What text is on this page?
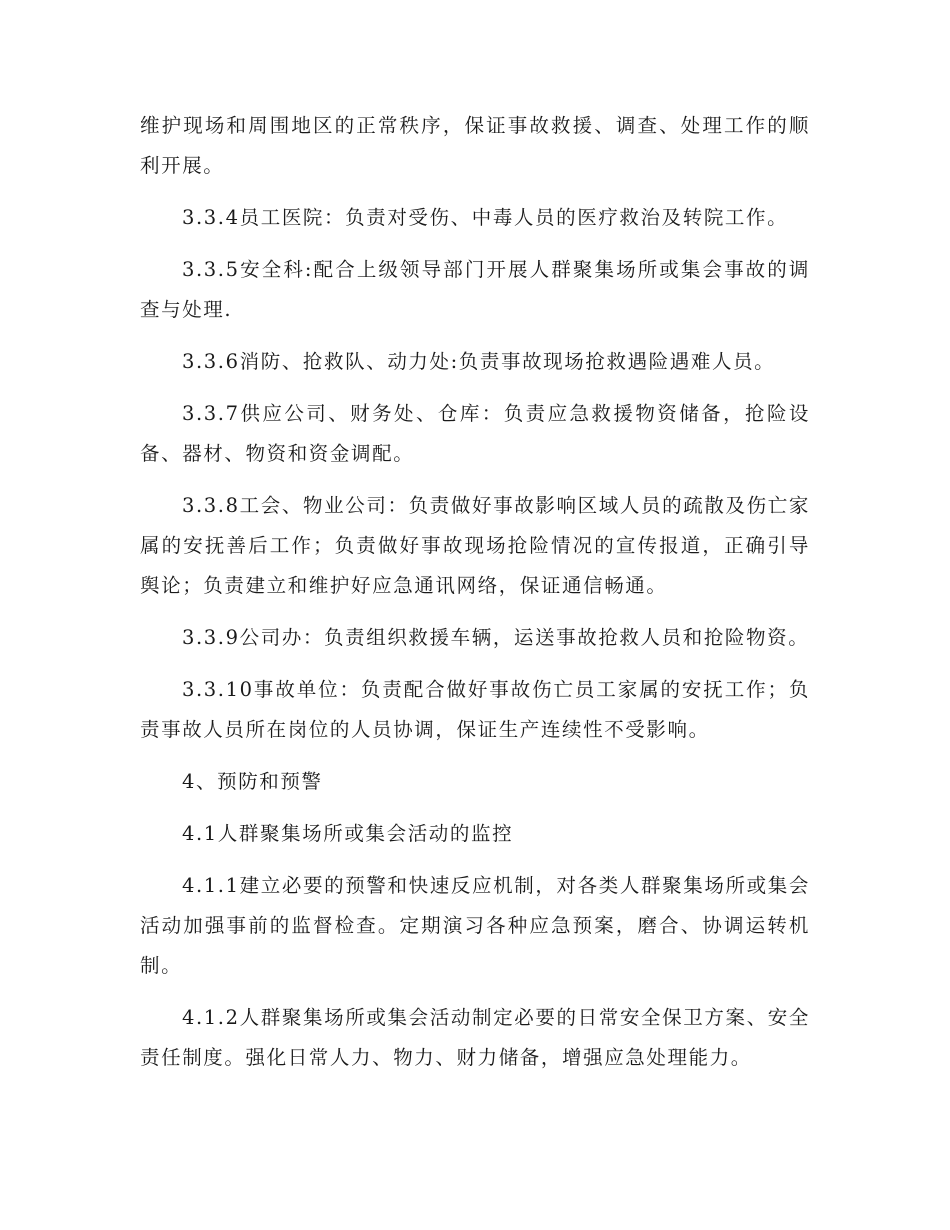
维护现场和周围地区的正常秩序，保证事故救援、调查、处理工作的顺利开展。

3.3.4员工医院：负责对受伤、中毒人员的医疗救治及转院工作。

3.3.5安全科:配合上级领导部门开展人群聚集场所或集会事故的调查与处理.

3.3.6消防、抢救队、动力处:负责事故现场抢救遇险遇难人员。

3.3.7供应公司、财务处、仓库：负责应急救援物资储备，抢险设备、器材、物资和资金调配。

3.3.8工会、物业公司：负责做好事故影响区域人员的疏散及伤亡家属的安抚善后工作；负责做好事故现场抢险情况的宣传报道，正确引导舆论；负责建立和维护好应急通讯网络，保证通信畅通。

3.3.9公司办：负责组织救援车辆，运送事故抢救人员和抢险物资。

3.3.10事故单位：负责配合做好事故伤亡员工家属的安抚工作；负责事故人员所在岗位的人员协调，保证生产连续性不受影响。

4、预防和预警

4.1人群聚集场所或集会活动的监控

4.1.1建立必要的预警和快速反应机制，对各类人群聚集场所或集会活动加强事前的监督检查。定期演习各种应急预案，磨合、协调运转机制。

4.1.2人群聚集场所或集会活动制定必要的日常安全保卫方案、安全责任制度。强化日常人力、物力、财力储备，增强应急处理能力。
